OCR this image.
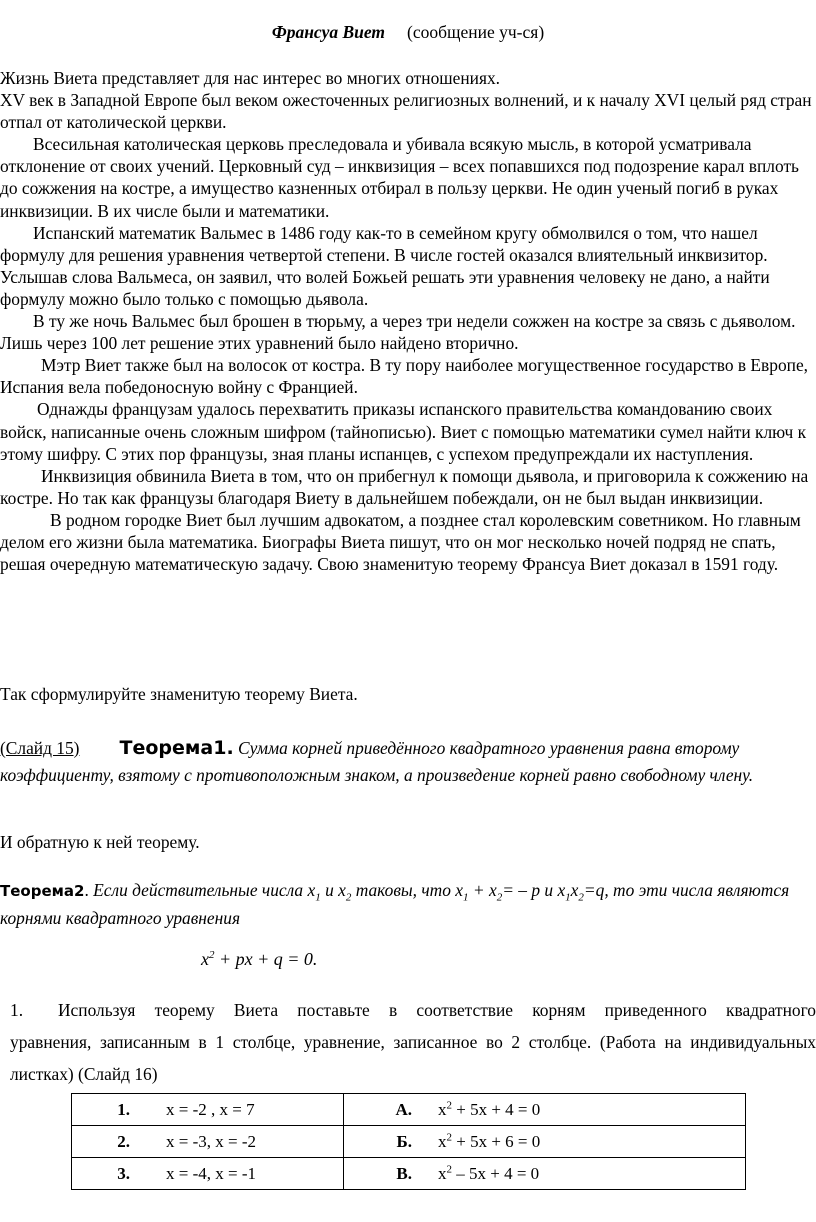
Франсуа Виет (сообщение уч-ся)

Жизнь Виета представляет для нас интерес во многих отношениях.

XV век в Западной Европе был веком ожесточенных религиозных волнений, и к началу XVI целый ряд стран отпал от католической церкви.

Всесильная католическая церковь преследовала и убивала всякую мысль, в которой усматривала отклонение от своих учений. Церковный суд – инквизиция – всех попавшихся под подозрение карал вплоть до сожжения на костре, а имущество казненных отбирал в пользу церкви. Не один ученый погиб в руках инквизиции. В их числе были и математики.

Испанский математик Вальмес в 1486 году как-то в семейном кругу обмолвился о том, что нашел формулу для решения уравнения четвертой степени. В числе гостей оказался влиятельный инквизитор. Услышав слова Вальмеса, он заявил, что волей Божьей решать эти уравнения человеку не дано, а найти формулу можно было только с помощью дьявола.

В ту же ночь Вальмес был брошен в тюрьму, а через три недели сожжен на костре за связь с дьяволом. Лишь через 100 лет решение этих уравнений было найдено вторично.

Мэтр Виет также был на волосок от костра. В ту пору наиболее могущественное государство в Европе, Испания вела победоносную войну с Францией.

Однажды французам удалось перехватить приказы испанского правительства командованию своих войск, написанные очень сложным шифром (тайнописью). Виет с помощью математики сумел найти ключ к этому шифру. С этих пор французы, зная планы испанцев, с успехом предупреждали их наступления.

Инквизиция обвинила Виета в том, что он прибегнул к помощи дьявола, и приговорила к сожжению на костре. Но так как французы благодаря Виету в дальнейшем побеждали, он не был выдан инквизиции.

В родном городке Виет был лучшим адвокатом, а позднее стал королевским советником. Но главным делом его жизни была математика. Биографы Виета пишут, что он мог несколько ночей подряд не спать, решая очередную математическую задачу. Свою знаменитую теорему Франсуа Виет доказал в 1591 году.

Так сформулируйте знаменитую теорему Виета.
(Слайд 15) Теорема1. Сумма корней приведённого квадратного уравнения равна второму коэффициенту, взятому с противоположным знаком, а произведение корней равно свободному члену.
И обратную к ней теорему.
Теорема2. Если действительные числа $x_1$ и $x_2$ таковы, что $x_1 + x_2= - p$ и $x_1x_2=q$, то эти числа являются корнями квадратного уравнения
$x^2$ + px + q = 0.
1. Используя теорему Виета поставьте в соответствие корням приведенного квадратного
уравнения, записанным в 1 столбце, уравнение, записанное во 2 столбце. (Работа на индивидуальных листках) (Слайд 16)
1. x = -2 , x = 7	А. $x^2 + 5x + 4 = 0$
2. x = -3, x = -2	Б. $x^2 + 5x + 6 = 0$
3. x = -4, x = -1	В. $x^2 - 5x + 4 = 0$
